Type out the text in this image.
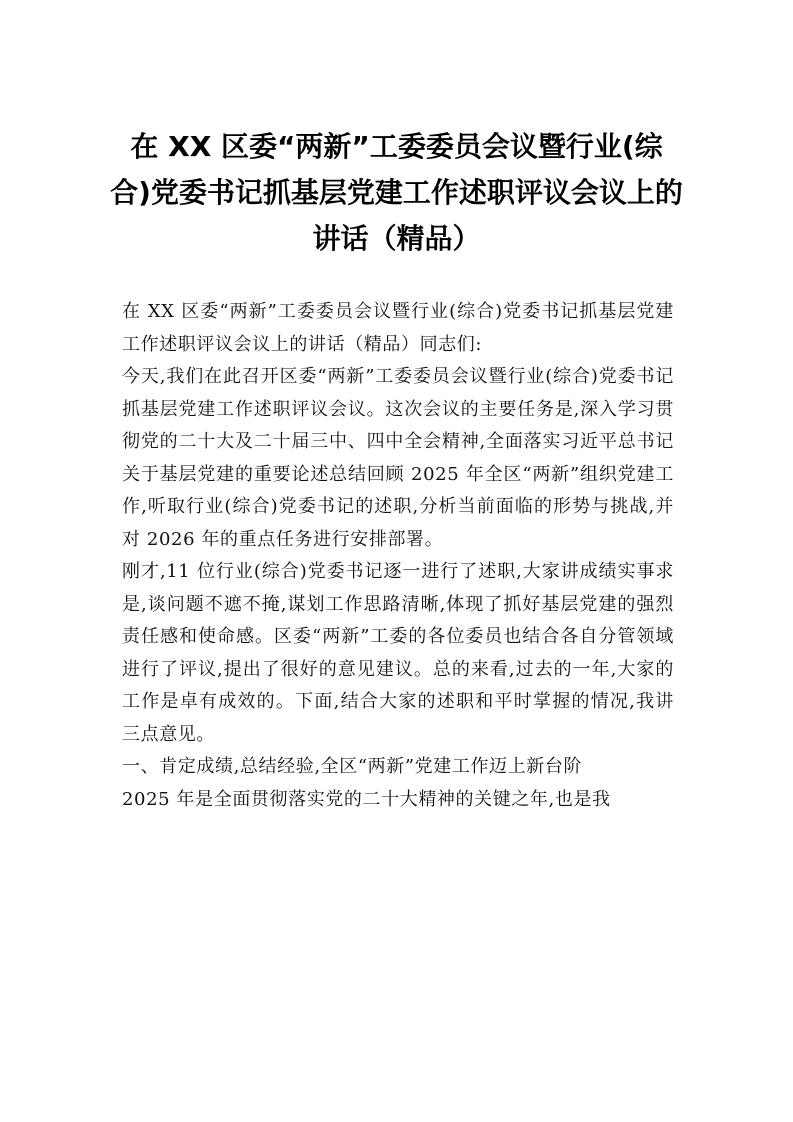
在 XX 区委“两新”工委委员会议暨行业(综合)党委书记抓基层党建工作述职评议会议上的讲话（精品）

在 XX 区委“两新”工委委员会议暨行业(综合)党委书记抓基层党建工作述职评议会议上的讲话（精品）同志们:

今天,我们在此召开区委“两新”工委委员会议暨行业(综合)党委书记抓基层党建工作述职评议会议。这次会议的主要任务是,深入学习贯彻党的二十大及二十届三中、四中全会精神,全面落实习近平总书记关于基层党建的重要论述总结回顾 2025 年全区“两新”组织党建工作,听取行业(综合)党委书记的述职,分析当前面临的形势与挑战,并对 2026 年的重点任务进行安排部署。

刚才,11 位行业(综合)党委书记逐一进行了述职,大家讲成绩实事求是,谈问题不遮不掩,谋划工作思路清晰,体现了抓好基层党建的强烈责任感和使命感。区委“两新”工委的各位委员也结合各自分管领域进行了评议,提出了很好的意见建议。总的来看,过去的一年,大家的工作是卓有成效的。下面,结合大家的述职和平时掌握的情况,我讲三点意见。

一、肯定成绩,总结经验,全区“两新”党建工作迈上新台阶

2025 年是全面贯彻落实党的二十大精神的关键之年,也是我
